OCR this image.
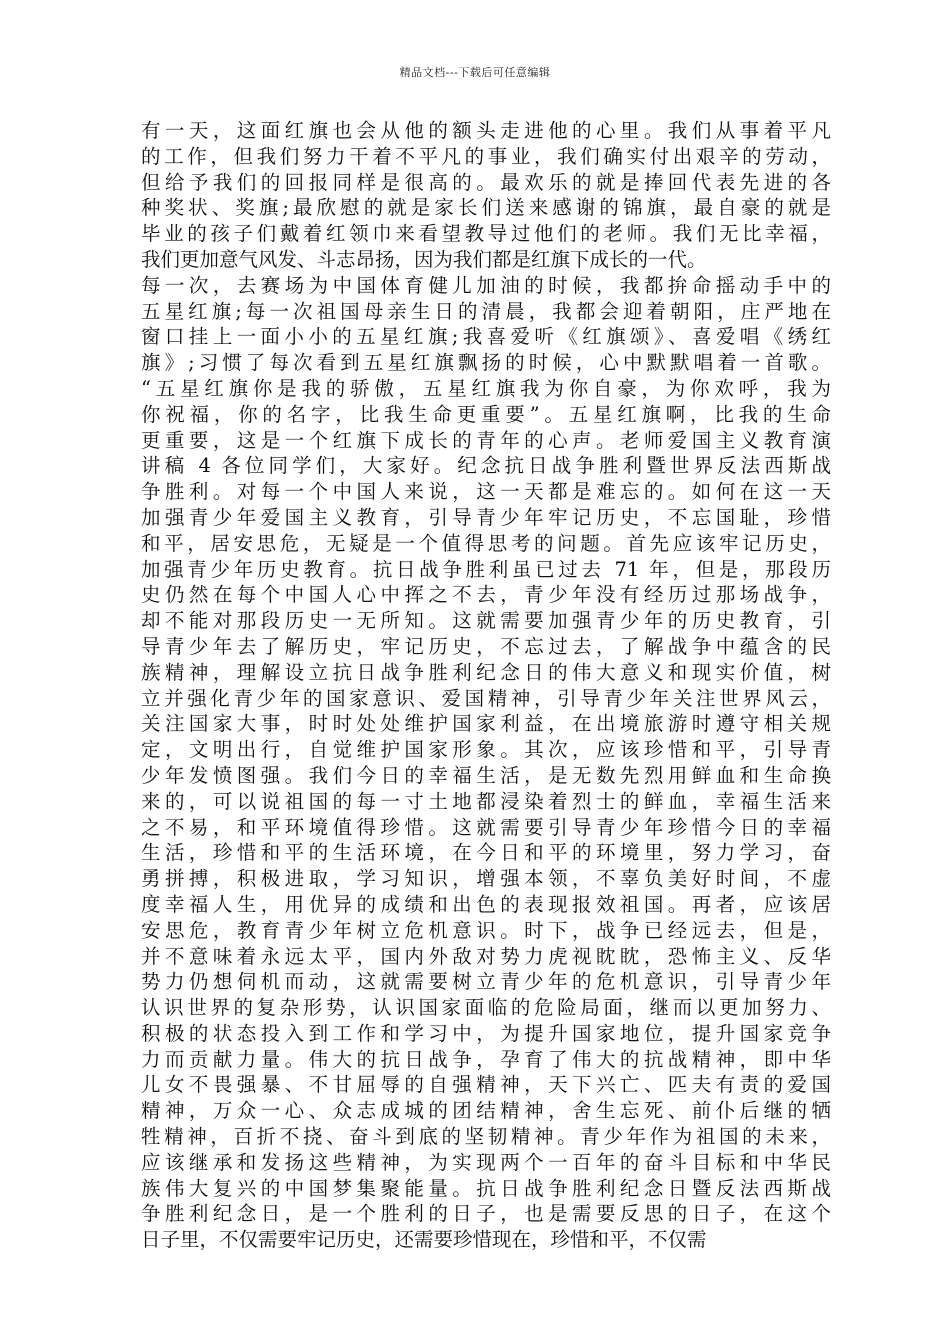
精品文档---下载后可任意编辑
有一天，这面红旗也会从他的额头走进他的心里。我们从事着平凡
的工作，但我们努力干着不平凡的事业，我们确实付出艰辛的劳动，
但给予我们的回报同样是很高的。最欢乐的就是捧回代表先进的各
种奖状、奖旗;最欣慰的就是家长们送来感谢的锦旗，最自豪的就是
毕业的孩子们戴着红领巾来看望教导过他们的老师。我们无比幸福，
我们更加意气风发、斗志昂扬，因为我们都是红旗下成长的一代。
每一次，去赛场为中国体育健儿加油的时候，我都拚命摇动手中的
五星红旗;每一次祖国母亲生日的清晨，我都会迎着朝阳，庄严地在
窗口挂上一面小小的五星红旗;我喜爱听《红旗颂》、喜爱唱《绣红
旗》;习惯了每次看到五星红旗飘扬的时候，心中默默唱着一首歌。
“五星红旗你是我的骄傲，五星红旗我为你自豪，为你欢呼，我为
你祝福，你的名字，比我生命更重要”。五星红旗啊，比我的生命
更重要，这是一个红旗下成长的青年的心声。老师爱国主义教育演
讲稿 4 各位同学们，大家好。纪念抗日战争胜利暨世界反法西斯战
争胜利。对每一个中国人来说，这一天都是难忘的。如何在这一天
加强青少年爱国主义教育，引导青少年牢记历史，不忘国耻，珍惜
和平，居安思危，无疑是一个值得思考的问题。首先应该牢记历史，
加强青少年历史教育。抗日战争胜利虽已过去 71 年，但是，那段历
史仍然在每个中国人心中挥之不去，青少年没有经历过那场战争，
却不能对那段历史一无所知。这就需要加强青少年的历史教育，引
导青少年去了解历史，牢记历史，不忘过去，了解战争中蕴含的民
族精神，理解设立抗日战争胜利纪念日的伟大意义和现实价值，树
立并强化青少年的国家意识、爱国精神，引导青少年关注世界风云，
关注国家大事，时时处处维护国家利益，在出境旅游时遵守相关规
定，文明出行，自觉维护国家形象。其次，应该珍惜和平，引导青
少年发愤图强。我们今日的幸福生活，是无数先烈用鲜血和生命换
来的，可以说祖国的每一寸土地都浸染着烈士的鲜血，幸福生活来
之不易，和平环境值得珍惜。这就需要引导青少年珍惜今日的幸福
生活，珍惜和平的生活环境，在今日和平的环境里，努力学习，奋
勇拼搏，积极进取，学习知识，增强本领，不辜负美好时间，不虚
度幸福人生，用优异的成绩和出色的表现报效祖国。再者，应该居
安思危，教育青少年树立危机意识。时下，战争已经远去，但是，
并不意味着永远太平，国内外敌对势力虎视眈眈，恐怖主义、反华
势力仍想伺机而动，这就需要树立青少年的危机意识，引导青少年
认识世界的复杂形势，认识国家面临的危险局面，继而以更加努力、
积极的状态投入到工作和学习中，为提升国家地位，提升国家竞争
力而贡献力量。伟大的抗日战争，孕育了伟大的抗战精神，即中华
儿女不畏强暴、不甘屈辱的自强精神，天下兴亡、匹夫有责的爱国
精神，万众一心、众志成城的团结精神，舍生忘死、前仆后继的牺
牲精神，百折不挠、奋斗到底的坚韧精神。青少年作为祖国的未来，
应该继承和发扬这些精神，为实现两个一百年的奋斗目标和中华民
族伟大复兴的中国梦集聚能量。抗日战争胜利纪念日暨反法西斯战
争胜利纪念日，是一个胜利的日子，也是需要反思的日子，在这个
日子里，不仅需要牢记历史，还需要珍惜现在，珍惜和平，不仅需
